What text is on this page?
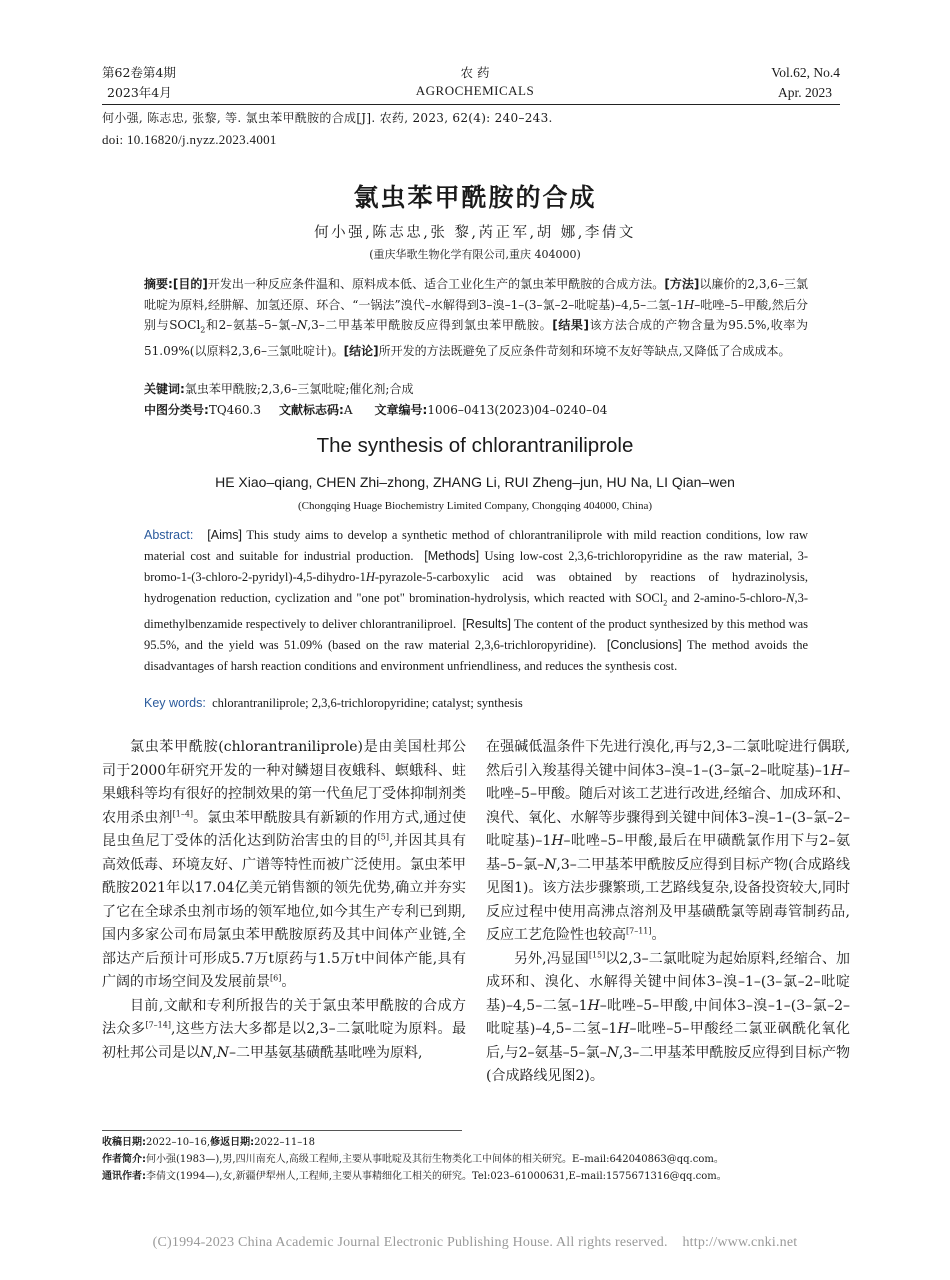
第62卷第4期
2023年4月
农 药
AGROCHEMICALS
Vol.62, No.4
Apr. 2023
何小强, 陈志忠, 张黎, 等. 氯虫苯甲酰胺的合成[J]. 农药, 2023, 62(4): 240–243.
doi: 10.16820/j.nyzz.2023.4001
氯虫苯甲酰胺的合成
何小强,陈志忠,张 黎,芮正军,胡 娜,李倩文
(重庆华歌生物化学有限公司,重庆 404000)
摘要:[目的]开发出一种反应条件温和、原料成本低、适合工业化生产的氯虫苯甲酰胺的合成方法。[方法]以廉价的2,3,6–三氯吡啶为原料,经肼解、加氢还原、环合、“一锅法”溴代–水解得到3–溴–1–(3–氯–2–吡啶基)–4,5–二氢–1H–吡唑–5–甲酸,然后分别与SOCl$_2$和2–氨基–5–氯–N,3–二甲基苯甲酰胺反应得到氯虫苯甲酰胺。[结果]该方法合成的产物含量为95.5%,收率为51.09%(以原料2,3,6–三氯吡啶计)。[结论]所开发的方法既避免了反应条件苛刻和环境不友好等缺点,又降低了合成成本。
关键词:氯虫苯甲酰胺;2,3,6–三氯吡啶;催化剂;合成
中图分类号:TQ460.3 文献标志码:A 文章编号:1006–0413(2023)04–0240–04
The synthesis of chlorantraniliprole
HE Xiao–qiang, CHEN Zhi–zhong, ZHANG Li, RUI Zheng–jun, HU Na, LI Qian–wen
(Chongqing Huage Biochemistry Limited Company, Chongqing 404000, China)
Abstract: [Aims] This study aims to develop a synthetic method of chlorantraniliprole with mild reaction conditions, low raw material cost and suitable for industrial production. [Methods] Using low-cost 2,3,6-trichloropyridine as the raw material, 3-bromo-1-(3-chloro-2-pyridyl)-4,5-dihydro-1H-pyrazole-5-carboxylic acid was obtained by reactions of hydrazinolysis, hydrogenation reduction, cyclization and "one pot" bromination-hydrolysis, which reacted with SOCl$_2$ and 2-amino-5-chloro-N,3-dimethylbenzamide respectively to deliver chlorantraniliproel. [Results] The content of the product synthesized by this method was 95.5%, and the yield was 51.09% (based on the raw material 2,3,6-trichloropyridine). [Conclusions] The method avoids the disadvantages of harsh reaction conditions and environment unfriendliness, and reduces the synthesis cost.
Key words: chlorantraniliprole; 2,3,6-trichloropyridine; catalyst; synthesis

氯虫苯甲酰胺(chlorantraniliprole)是由美国杜邦公司于2000年研究开发的一种对鳞翅目夜蛾科、螟蛾科、蛀果蛾科等均有很好的控制效果的第一代鱼尼丁受体抑制剂类农用杀虫剂[1–4]。氯虫苯甲酰胺具有新颖的作用方式,通过使昆虫鱼尼丁受体的活化达到防治害虫的目的[5],并因其具有高效低毒、环境友好、广谱等特性而被广泛使用。氯虫苯甲酰胺2021年以17.04亿美元销售额的领先优势,确立并夯实了它在全球杀虫剂市场的领军地位,如今其生产专利已到期,国内多家公司布局氯虫苯甲酰胺原药及其中间体产业链,全部达产后预计可形成5.7万t原药与1.5万t中间体产能,具有广阔的市场空间及发展前景[6]。

目前,文献和专利所报告的关于氯虫苯甲酰胺的合成方法众多[7–14],这些方法大多都是以2,3–二氯吡啶为原料。最初杜邦公司是以N,N–二甲基氨基磺酰基吡唑为原料,

在强碱低温条件下先进行溴化,再与2,3–二氯吡啶进行偶联,然后引入羧基得关键中间体3–溴–1–(3–氯–2–吡啶基)–1H–吡唑–5–甲酸。随后对该工艺进行改进,经缩合、加成环和、溴代、氧化、水解等步骤得到关键中间体3–溴–1–(3–氯–2–吡啶基)–1H–吡唑–5–甲酸,最后在甲磺酰氯作用下与2–氨基–5–氯–N,3–二甲基苯甲酰胺反应得到目标产物(合成路线见图1)。该方法步骤繁琐,工艺路线复杂,设备投资较大,同时反应过程中使用高沸点溶剂及甲基磺酰氯等剧毒管制药品,反应工艺危险性也较高[7–11]。

另外,冯显国[15]以2,3–二氯吡啶为起始原料,经缩合、加成环和、溴化、水解得关键中间体3–溴–1–(3–氯–2–吡啶基)–4,5–二氢–1H–吡唑–5–甲酸,中间体3–溴–1–(3–氯–2–吡啶基)–4,5–二氢–1H–吡唑–5–甲酸经二氯亚砜酰化氧化后,与2–氨基–5–氯–N,3–二甲基苯甲酰胺反应得到目标产物(合成路线见图2)。

收稿日期:2022–10–16,修返日期:2022–11–18
作者简介:何小强(1983—),男,四川南充人,高级工程师,主要从事吡啶及其衍生物类化工中间体的相关研究。E–mail:642040863@qq.com。
通讯作者:李倩文(1994—),女,新疆伊犁州人,工程师,主要从事精细化工相关的研究。Tel:023–61000631,E–mail:1575671316@qq.com。
(C)1994-2023 China Academic Journal Electronic Publishing House. All rights reserved.    http://www.cnki.net
